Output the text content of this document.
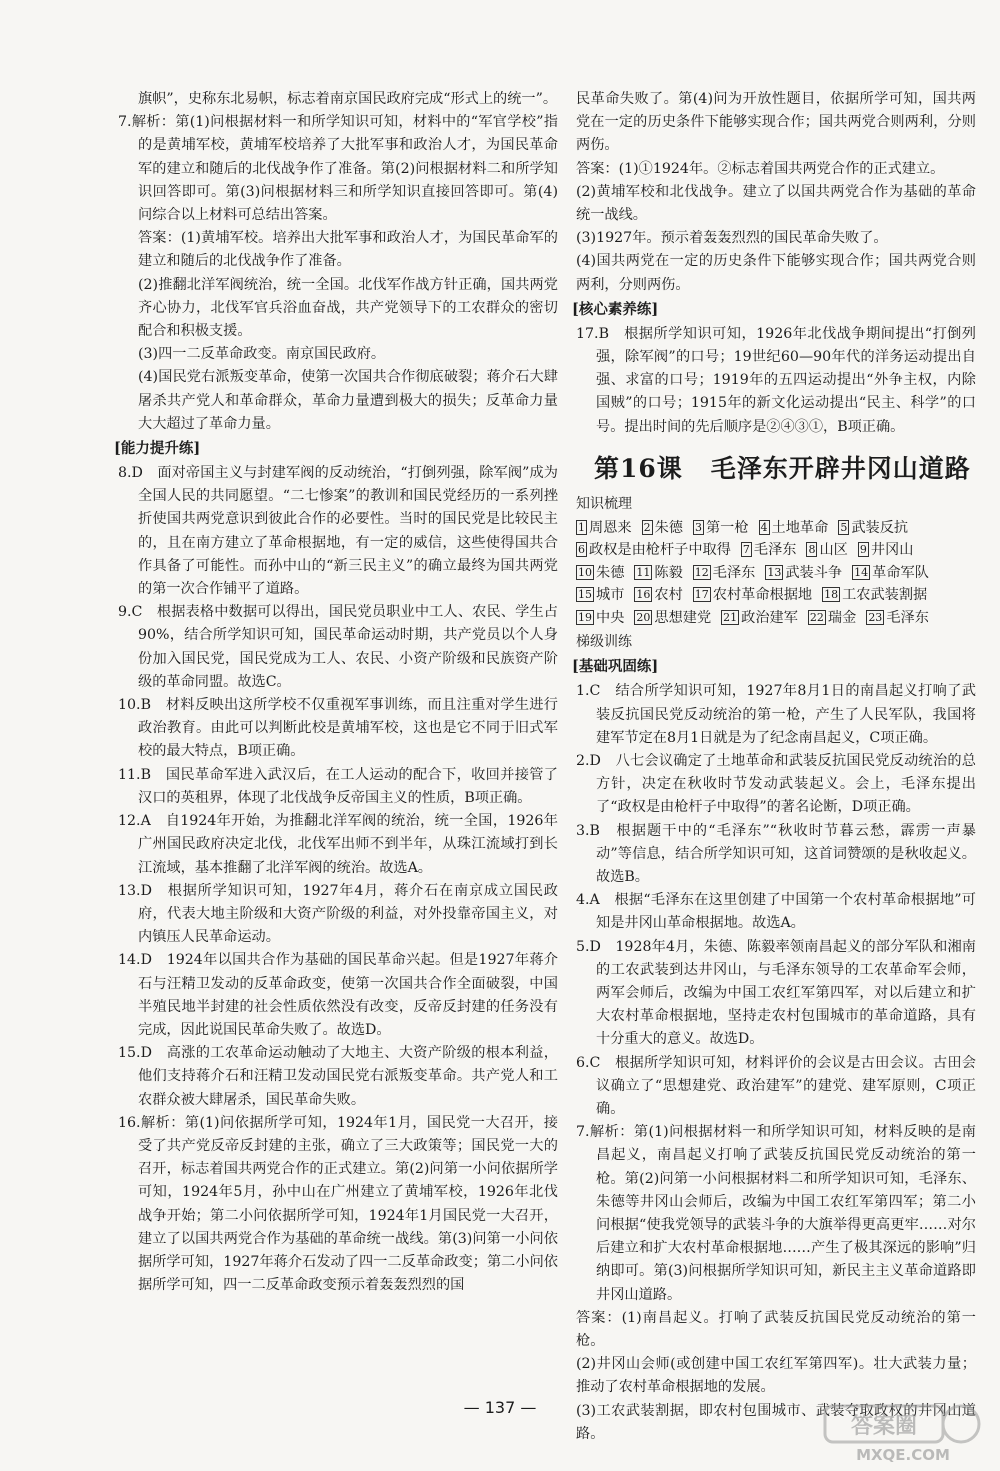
旗帜”，史称东北易帜，标志着南京国民政府完成“形式上的统一”。

7.解析：第(1)问根据材料一和所学知识可知，材料中的“军官学校”指的是黄埔军校，黄埔军校培养了大批军事和政治人才，为国民革命军的建立和随后的北伐战争作了准备。第(2)问根据材料二和所学知识回答即可。第(3)问根据材料三和所学知识直接回答即可。第(4)问综合以上材料可总结出答案。

答案：(1)黄埔军校。培养出大批军事和政治人才，为国民革命军的建立和随后的北伐战争作了准备。

(2)推翻北洋军阀统治，统一全国。北伐军作战方针正确，国共两党齐心协力，北伐军官兵浴血奋战，共产党领导下的工农群众的密切配合和积极支援。

(3)四一二反革命政变。南京国民政府。

(4)国民党右派叛变革命，使第一次国共合作彻底破裂；蒋介石大肆屠杀共产党人和革命群众，革命力量遭到极大的损失；反革命力量大大超过了革命力量。

[能力提升练]

8.D　面对帝国主义与封建军阀的反动统治，“打倒列强，除军阀”成为全国人民的共同愿望。“二七惨案”的教训和国民党经历的一系列挫折使国共两党意识到彼此合作的必要性。当时的国民党是比较民主的，且在南方建立了革命根据地，有一定的威信，这些使得国共合作具备了可能性。而孙中山的“新三民主义”的确立最终为国共两党的第一次合作铺平了道路。

9.C　根据表格中数据可以得出，国民党员职业中工人、农民、学生占90%，结合所学知识可知，国民革命运动时期，共产党员以个人身份加入国民党，国民党成为工人、农民、小资产阶级和民族资产阶级的革命同盟。故选C。

10.B　材料反映出这所学校不仅重视军事训练，而且注重对学生进行政治教育。由此可以判断此校是黄埔军校，这也是它不同于旧式军校的最大特点，B项正确。

11.B　国民革命军进入武汉后，在工人运动的配合下，收回并接管了汉口的英租界，体现了北伐战争反帝国主义的性质，B项正确。

12.A　自1924年开始，为推翻北洋军阀的统治，统一全国，1926年广州国民政府决定北伐，北伐军出师不到半年，从珠江流域打到长江流域，基本推翻了北洋军阀的统治。故选A。

13.D　根据所学知识可知，1927年4月，蒋介石在南京成立国民政府，代表大地主阶级和大资产阶级的利益，对外投靠帝国主义，对内镇压人民革命运动。

14.D　1924年以国共合作为基础的国民革命兴起。但是1927年蒋介石与汪精卫发动的反革命政变，使第一次国共合作全面破裂，中国半殖民地半封建的社会性质依然没有改变，反帝反封建的任务没有完成，因此说国民革命失败了。故选D。

15.D　高涨的工农革命运动触动了大地主、大资产阶级的根本利益，他们支持蒋介石和汪精卫发动国民党右派叛变革命。共产党人和工农群众被大肆屠杀，国民革命失败。

16.解析：第(1)问依据所学可知，1924年1月，国民党一大召开，接受了共产党反帝反封建的主张，确立了三大政策等；国民党一大的召开，标志着国共两党合作的正式建立。第(2)问第一小问依据所学可知，1924年5月，孙中山在广州建立了黄埔军校，1926年北伐战争开始；第二小问依据所学可知，1924年1月国民党一大召开，建立了以国共两党合作为基础的革命统一战线。第(3)问第一小问依据所学可知，1927年蒋介石发动了四一二反革命政变；第二小问依据所学可知，四一二反革命政变预示着轰轰烈烈的国

民革命失败了。第(4)问为开放性题目，依据所学可知，国共两党在一定的历史条件下能够实现合作；国共两党合则两利，分则两伤。

答案：(1)①1924年。②标志着国共两党合作的正式建立。

(2)黄埔军校和北伐战争。建立了以国共两党合作为基础的革命统一战线。

(3)1927年。预示着轰轰烈烈的国民革命失败了。

(4)国共两党在一定的历史条件下能够实现合作；国共两党合则两利，分则两伤。

[核心素养练]

17.B　根据所学知识可知，1926年北伐战争期间提出“打倒列强，除军阀”的口号；19世纪60—90年代的洋务运动提出自强、求富的口号；1919年的五四运动提出“外争主权，内除国贼”的口号；1915年的新文化运动提出“民主、科学”的口号。提出时间的先后顺序是②④③①，B项正确。

第16课 毛泽东开辟井冈山道路

知识梳理

1 周恩来 2 朱德 3 第一枪 4 土地革命 5 武装反抗
6 政权是由枪杆子中取得 7 毛泽东 8 山区 9 井冈山
10 朱德 11 陈毅 12 毛泽东 13 武装斗争 14 革命军队
15 城市 16 农村 17 农村革命根据地 18 工农武装割据
19 中央 20 思想建党 21 政治建军 22 瑞金 23 毛泽东

梯级训练

[基础巩固练]

1.C　结合所学知识可知，1927年8月1日的南昌起义打响了武装反抗国民党反动统治的第一枪，产生了人民军队，我国将建军节定在8月1日就是为了纪念南昌起义，C项正确。

2.D　八七会议确定了土地革命和武装反抗国民党反动统治的总方针，决定在秋收时节发动武装起义。会上，毛泽东提出了“政权是由枪杆子中取得”的著名论断，D项正确。

3.B　根据题干中的“毛泽东”“秋收时节暮云愁，霹雳一声暴动”等信息，结合所学知识可知，这首词赞颂的是秋收起义。故选B。

4.A　根据“毛泽东在这里创建了中国第一个农村革命根据地”可知是井冈山革命根据地。故选A。

5.D　1928年4月，朱德、陈毅率领南昌起义的部分军队和湘南的工农武装到达井冈山，与毛泽东领导的工农革命军会师，两军会师后，改编为中国工农红军第四军，对以后建立和扩大农村革命根据地，坚持走农村包围城市的革命道路，具有十分重大的意义。故选D。

6.C　根据所学知识可知，材料评价的会议是古田会议。古田会议确立了“思想建党、政治建军”的建党、建军原则，C项正确。

7.解析：第(1)问根据材料一和所学知识可知，材料反映的是南昌起义，南昌起义打响了武装反抗国民党反动统治的第一枪。第(2)问第一小问根据材料二和所学知识可知，毛泽东、朱德等井冈山会师后，改编为中国工农红军第四军；第二小问根据“使我党领导的武装斗争的大旗举得更高更牢……对尔后建立和扩大农村革命根据地……产生了极其深远的影响”归纳即可。第(3)问根据所学知识可知，新民主主义革命道路即井冈山道路。

答案：(1)南昌起义。打响了武装反抗国民党反动统治的第一枪。

(2)井冈山会师(或创建中国工农红军第四军)。壮大武装力量；推动了农村革命根据地的发展。

(3)工农武装割据，即农村包围城市、武装夺取政权的井冈山道路。

— 137 —
答案圈
MXQE.COM
